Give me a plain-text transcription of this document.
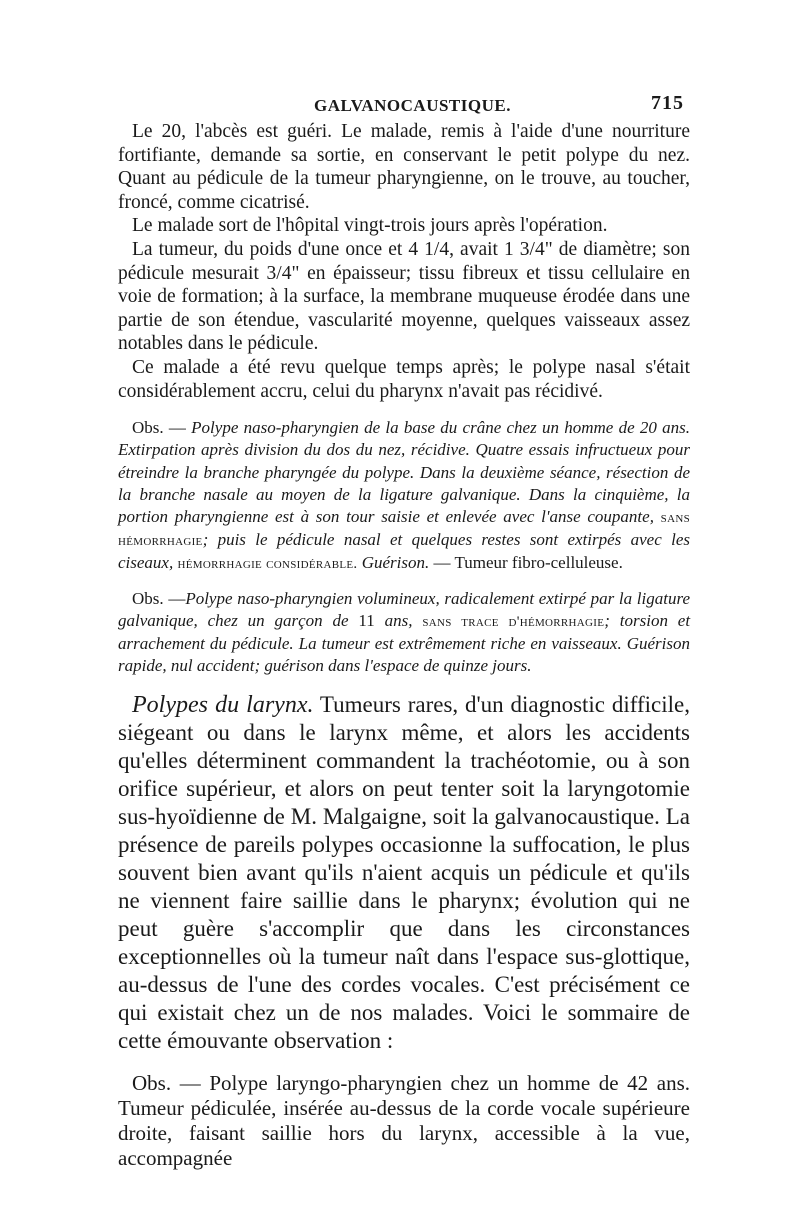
GALVANOCAUSTIQUE.	715

Le 20, l'abcès est guéri. Le malade, remis à l'aide d'une nourriture fortifiante, demande sa sortie, en conservant le petit polype du nez. Quant au pédicule de la tumeur pharyngienne, on le trouve, au toucher, froncé, comme cicatrisé.

Le malade sort de l'hôpital vingt-trois jours après l'opération.

La tumeur, du poids d'une once et 4 1/4, avait 1 3/4" de diamètre; son pédicule mesurait 3/4" en épaisseur; tissu fibreux et tissu cellulaire en voie de formation; à la surface, la membrane muqueuse érodée dans une partie de son étendue, vascularité moyenne, quelques vaisseaux assez notables dans le pédicule.

Ce malade a été revu quelque temps après; le polype nasal s'était considérablement accru, celui du pharynx n'avait pas récidivé.

Obs. — Polype naso-pharyngien de la base du crâne chez un homme de 20 ans. Extirpation après division du dos du nez, récidive. Quatre essais infructueux pour étreindre la branche pharyngée du polype. Dans la deuxième séance, résection de la branche nasale au moyen de la ligature galvanique. Dans la cinquième, la portion pharyngienne est à son tour saisie et enlevée avec l'anse coupante, sans hémorrhagie; puis le pédicule nasal et quelques restes sont extirpés avec les ciseaux, hémorrhagie considérable. Guérison. — Tumeur fibro-celluleuse.

Obs. —Polype naso-pharyngien volumineux, radicalement extirpé par la ligature galvanique, chez un garçon de 11 ans, sans trace d'hémorrhagie; torsion et arrachement du pédicule. La tumeur est extrêmement riche en vaisseaux. Guérison rapide, nul accident; guérison dans l'espace de quinze jours.

Polypes du larynx. Tumeurs rares, d'un diagnostic difficile, siégeant ou dans le larynx même, et alors les accidents qu'elles déterminent commandent la trachéotomie, ou à son orifice supérieur, et alors on peut tenter soit la laryngotomie sus-hyoïdienne de M. Malgaigne, soit la galvanocaustique. La présence de pareils polypes occasionne la suffocation, le plus souvent bien avant qu'ils n'aient acquis un pédicule et qu'ils ne viennent faire saillie dans le pharynx; évolution qui ne peut guère s'accomplir que dans les circonstances exceptionnelles où la tumeur naît dans l'espace sus-glottique, au-dessus de l'une des cordes vocales. C'est précisément ce qui existait chez un de nos malades. Voici le sommaire de cette émouvante observation :

Obs. — Polype laryngo-pharyngien chez un homme de 42 ans. Tumeur pédiculée, insérée au-dessus de la corde vocale supérieure droite, faisant saillie hors du larynx, accessible à la vue, accompagnée
